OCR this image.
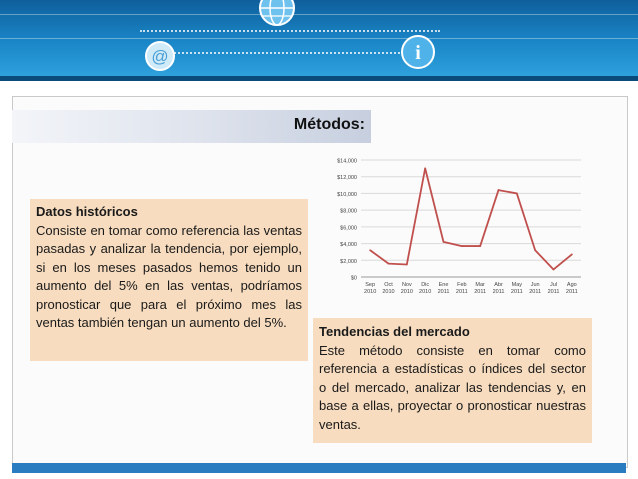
@	i
Métodos:
$0
$2,000
$4,000
$6,000
$8,000
$10,000
$12,000
$14,000
Sep
2010
Oct
2010
Nov
2010
Dic
2010
Ene
2011
Feb
2011
Mar
2011
Abr
2011
May
2011
Jun
2011
Jul
2011
Ago
2011
Datos históricos

Consiste en tomar como referencia las ventas pasadas y analizar la tendencia, por ejemplo, si en los meses pasados hemos tenido un aumento del 5% en las ventas, podríamos pronosticar que para el próximo mes las ventas también tengan un aumento del 5%.

Tendencias del mercado

Este método consiste en tomar como referencia a estadísticas o índices del sector o del mercado, analizar las tendencias y, en base a ellas, proyectar o pronosticar nuestras ventas.
